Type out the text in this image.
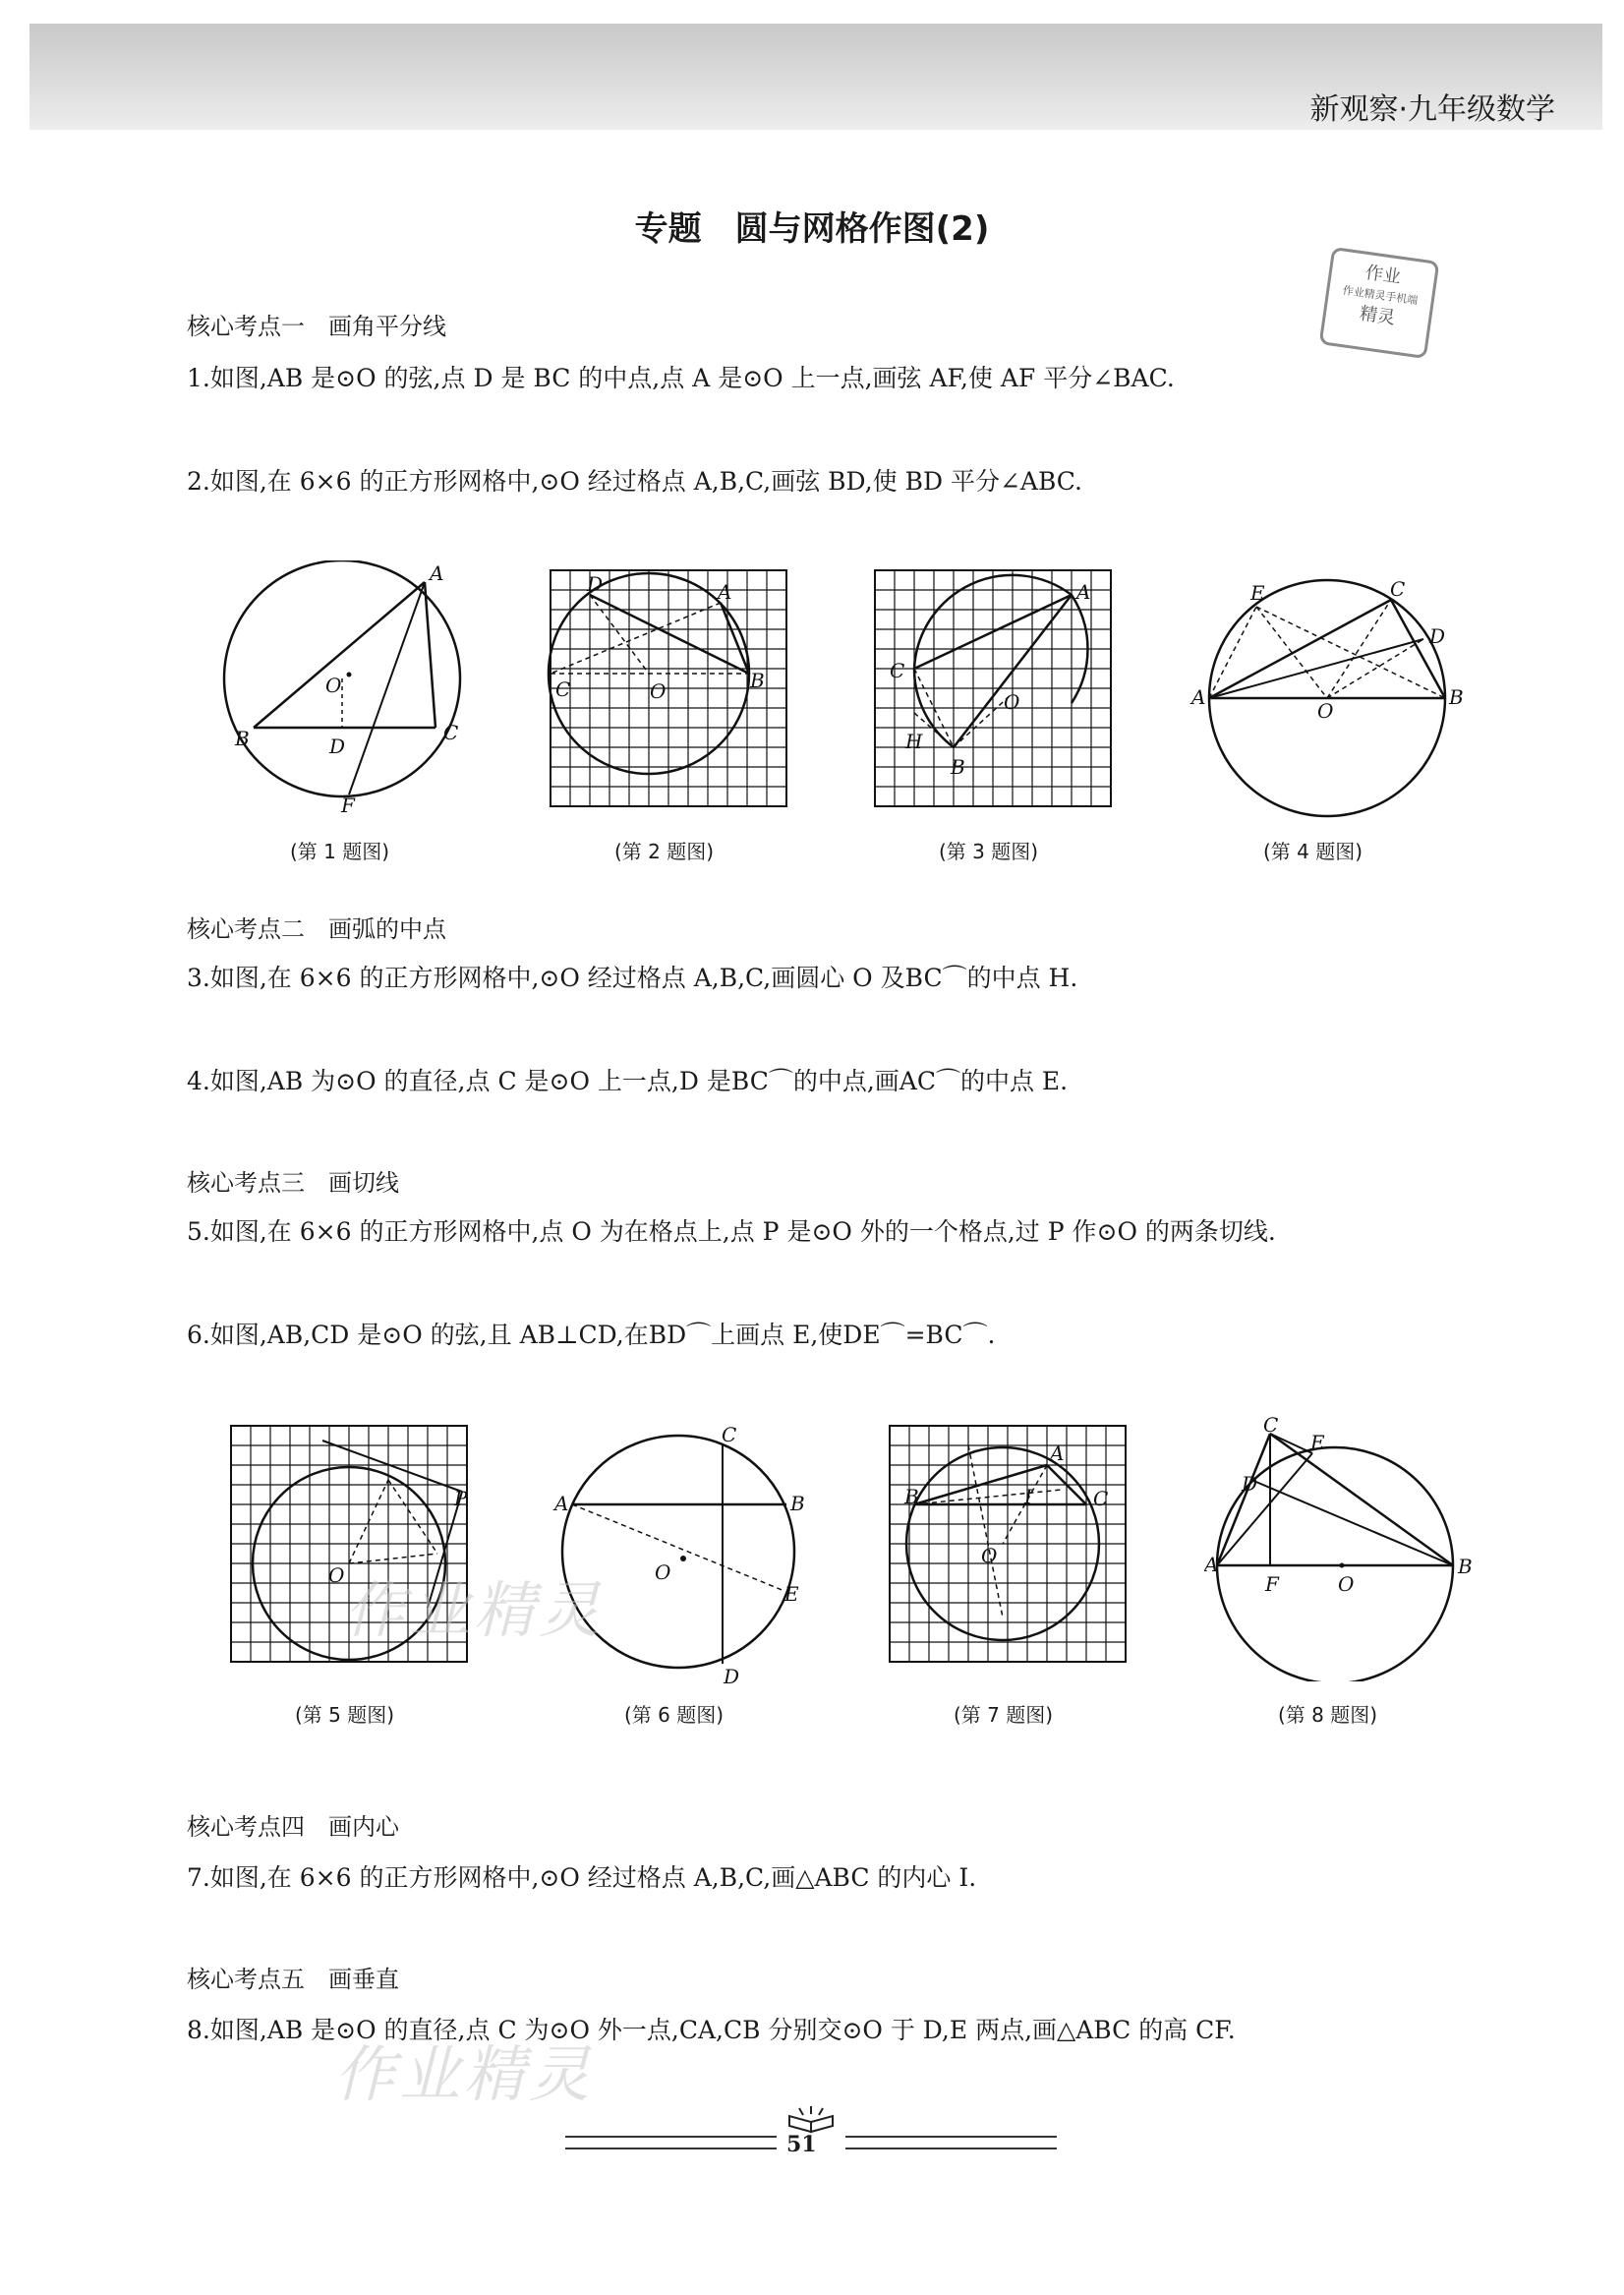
新观察·九年级数学
专题　圆与网格作图(2)
作业
作业精灵手机端
精灵
核心考点一　画角平分线
1.如图,AB 是⊙O 的弦,点 D 是 BC 的中点,点 A 是⊙O 上一点,画弦 AF,使 AF 平分∠BAC.
2.如图,在 6×6 的正方形网格中,⊙O 经过格点 A,B,C,画弦 BD,使 BD 平分∠ABC.
A
O
B	D
C
F
(第 1 题图)
D	A
B
C	O
(第 2 题图)
A
C
O
H
B
(第 3 题图)
E	C
D
A
O
B
(第 4 题图)
核心考点二　画弧的中点
3.如图,在 6×6 的正方形网格中,⊙O 经过格点 A,B,C,画圆心 O 及BC⌒的中点 H.
4.如图,AB 为⊙O 的直径,点 C 是⊙O 上一点,D 是BC⌒的中点,画AC⌒的中点 E.
核心考点三　画切线
5.如图,在 6×6 的正方形网格中,点 O 为在格点上,点 P 是⊙O 外的一个格点,过 P 作⊙O 的两条切线.
6.如图,AB,CD 是⊙O 的弦,且 AB⊥CD,在BD⌒上画点 E,使DE⌒=BC⌒.
P
O
(第 5 题图)
C
A	B
O
E
D
(第 6 题图)
A
B	I	C
O
(第 7 题图)
C
E
D
A
F	O
B
(第 8 题图)
作业精灵
作业精灵
核心考点四　画内心
7.如图,在 6×6 的正方形网格中,⊙O 经过格点 A,B,C,画△ABC 的内心 I.
核心考点五　画垂直
8.如图,AB 是⊙O 的直径,点 C 为⊙O 外一点,CA,CB 分别交⊙O 于 D,E 两点,画△ABC 的高 CF.
51
